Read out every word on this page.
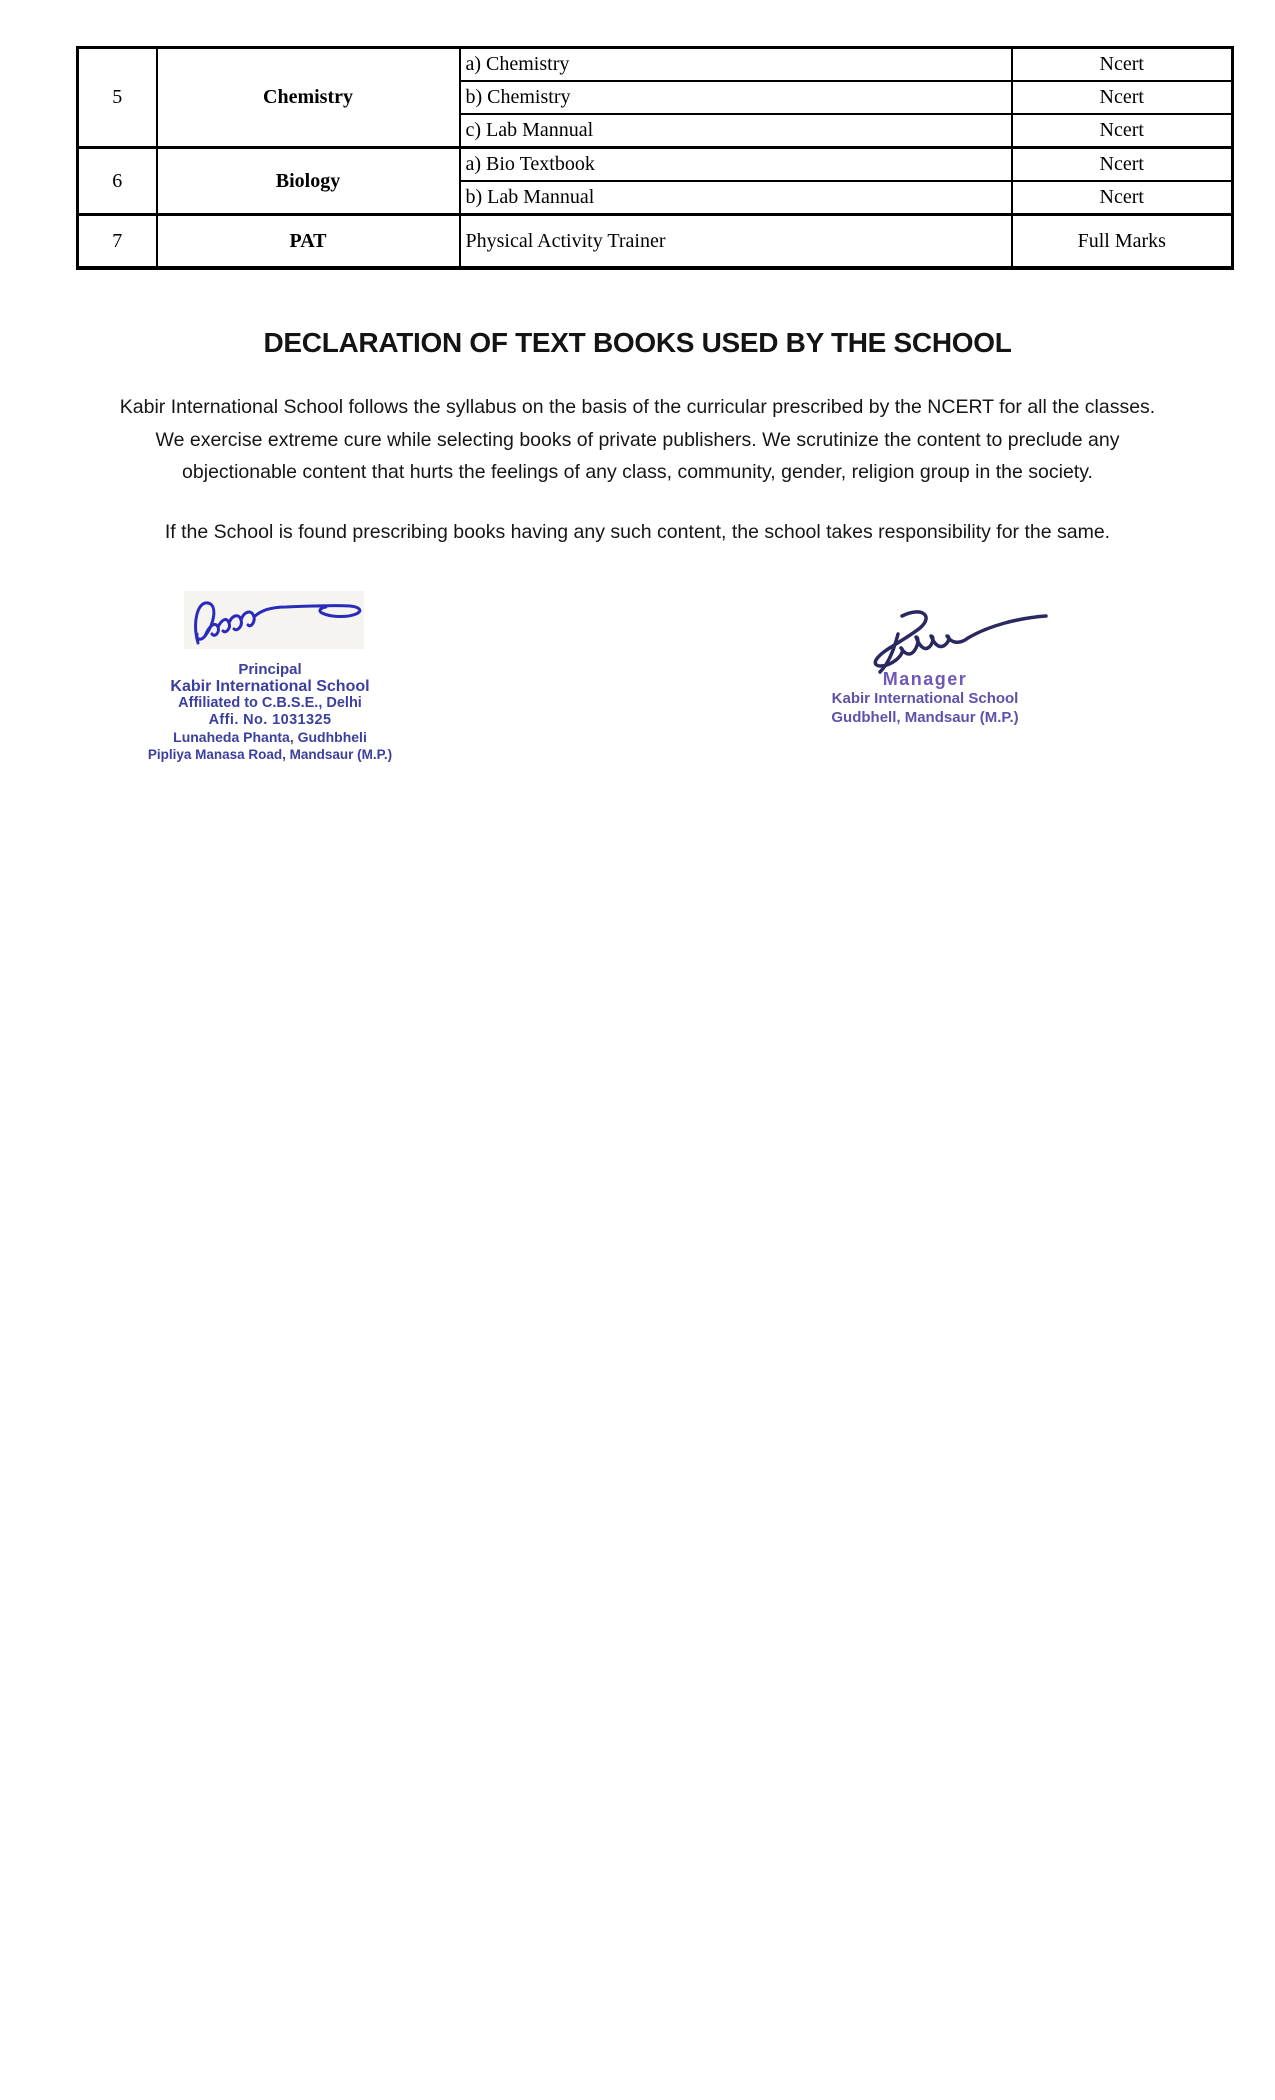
5	Chemistry	a) Chemistry	Ncert
		b) Chemistry	Ncert
		c) Lab Mannual	Ncert
6	Biology	a) Bio Textbook	Ncert
		b) Lab Mannual	Ncert
7	PAT	Physical Activity Trainer	Full Marks
DECLARATION OF TEXT BOOKS USED BY THE SCHOOL
Kabir International School follows the syllabus on the basis of the curricular prescribed by the NCERT for all the classes.
We exercise extreme cure while selecting books of private publishers. We scrutinize the content to preclude any
objectionable content that hurts the feelings of any class, community, gender, religion group in the society.
If the School is found prescribing books having any such content, the school takes responsibility for the same.
Principal
Kabir International School
Affiliated to C.B.S.E., Delhi
Affi. No. 1031325
Lunaheda Phanta, Gudhbheli
Pipliya Manasa Road, Mandsaur (M.P.)
Manager
Kabir International School
Gudbhell, Mandsaur (M.P.)
